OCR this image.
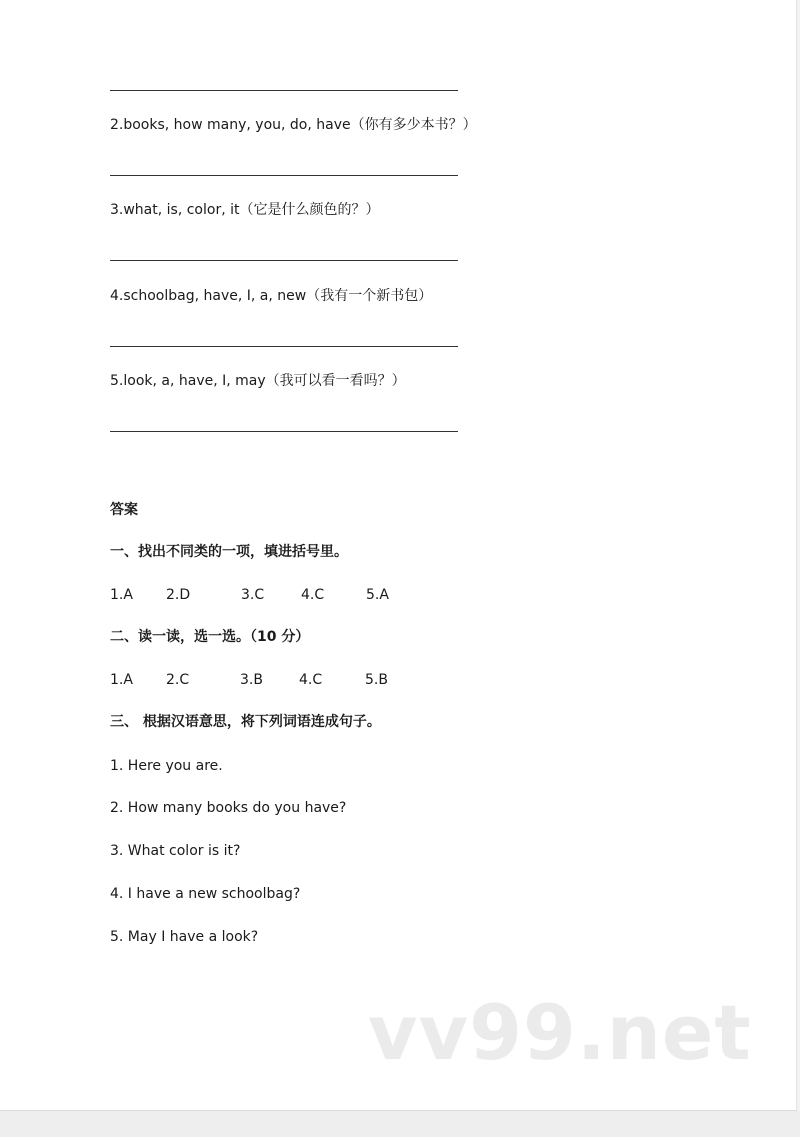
2.books, how many, you, do, have（你有多少本书？）
3.what, is, color, it（它是什么颜色的？）
4.schoolbag, have, I, a, new（我有一个新书包）
5.look, a, have, I, may（我可以看一看吗？）
答案
一、找出不同类的一项，填进括号里。
1.A 2.D	3.C	4.C	5.A
二、读一读，选一选。（10 分）
1.A 2.C	3.B	4.C	5.B
三、 根据汉语意思，将下列词语连成句子。
1. Here you are.
2. How many books do you have?
3. What color is it?
4. I have a new schoolbag?
5. May I have a look?
vv99.net
